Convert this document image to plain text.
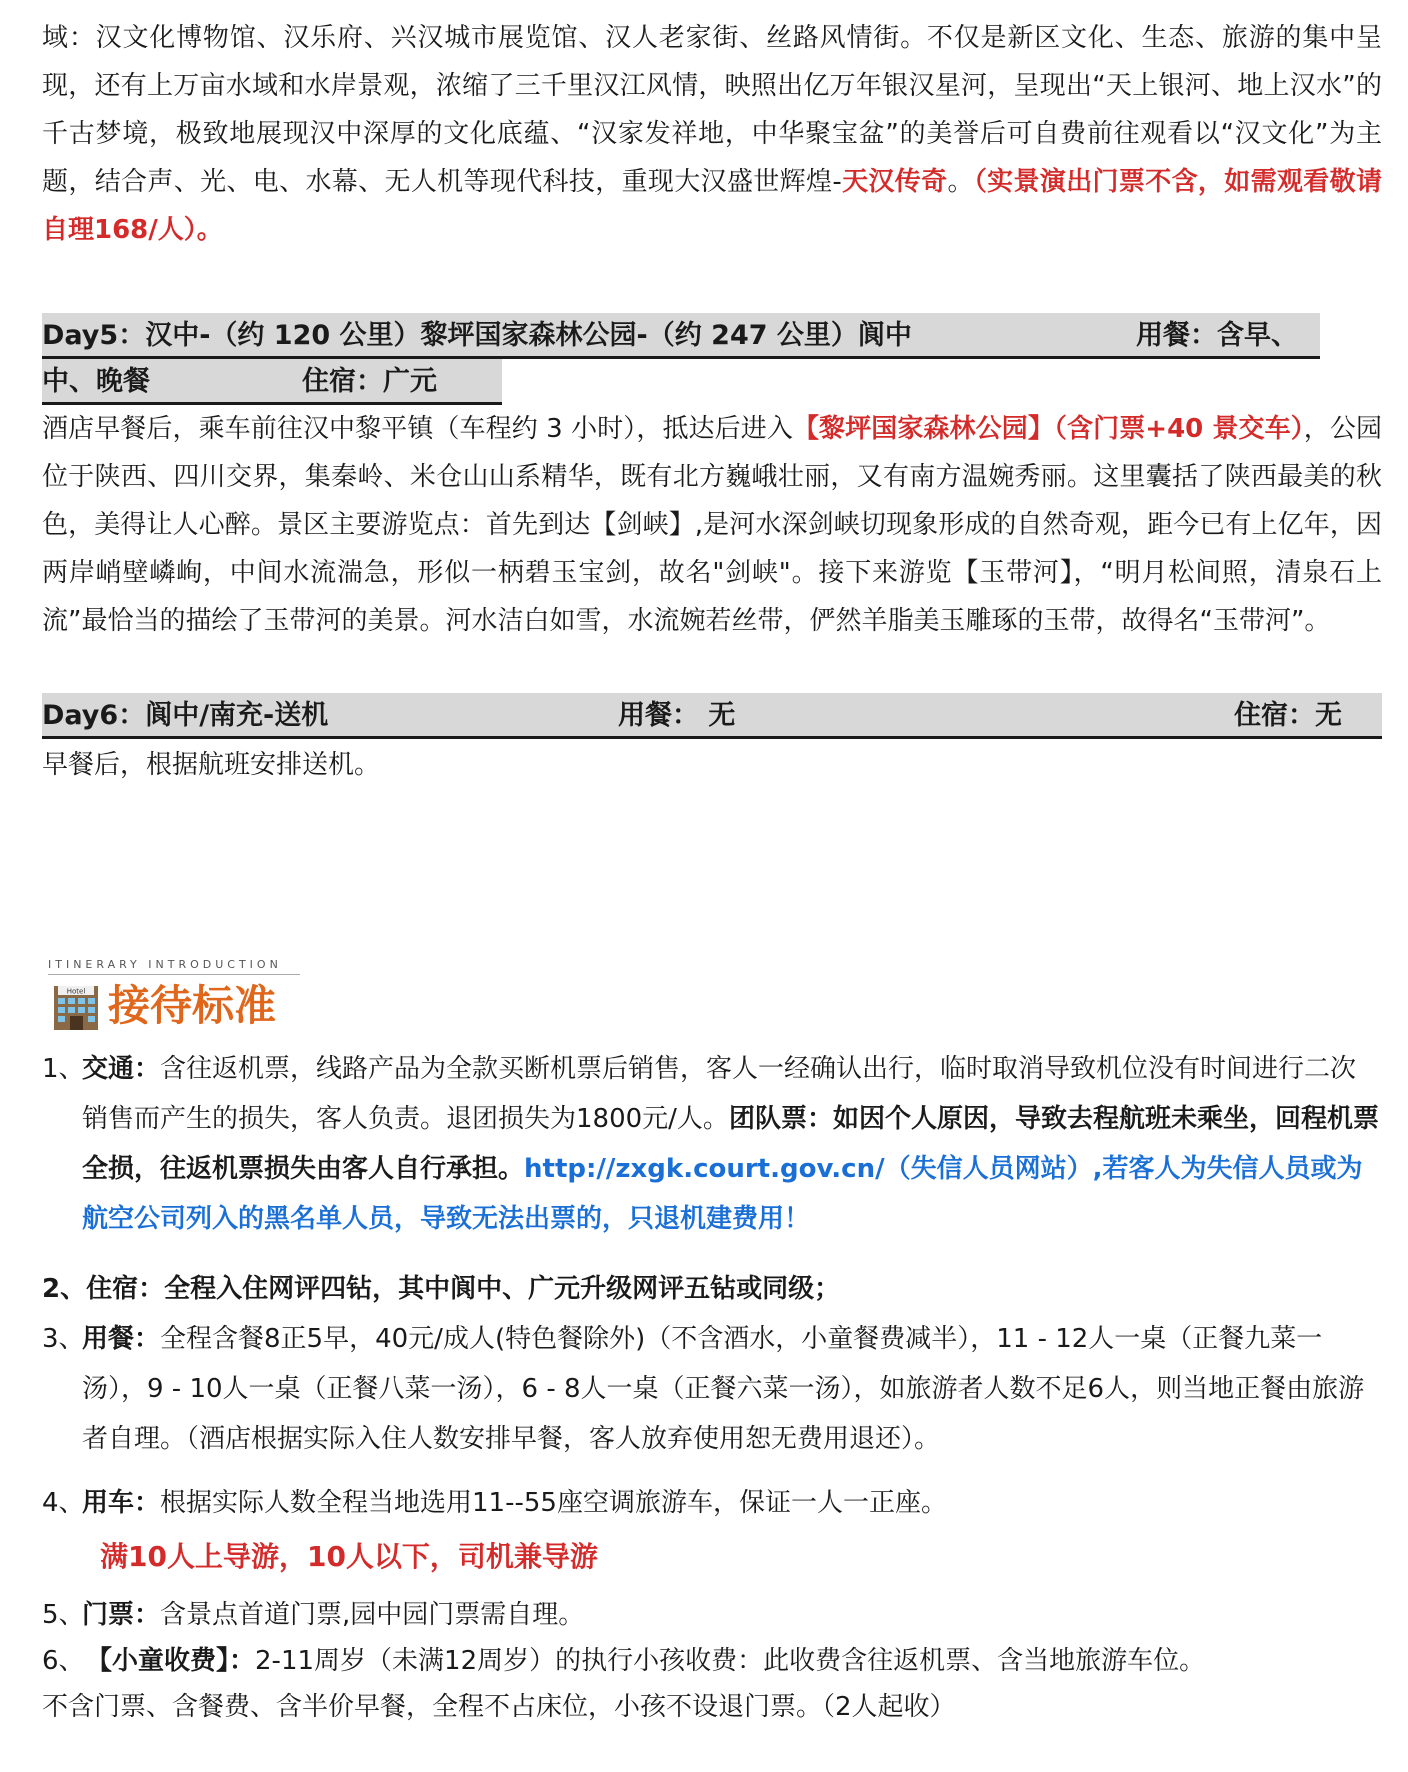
域：汉文化博物馆、汉乐府、兴汉城市展览馆、汉人老家街、丝路风情街。不仅是新区文化、生态、旅游的集中呈现，还有上万亩水域和水岸景观，浓缩了三千里汉江风情，映照出亿万年银汉星河，呈现出“天上银河、地上汉水”的千古梦境，极致地展现汉中深厚的文化底蕴、“汉家发祥地，中华聚宝盆”的美誉后可自费前往观看以“汉文化”为主题，结合声、光、电、水幕、无人机等现代科技，重现大汉盛世辉煌-天汉传奇。（实景演出门票不含，如需观看敬请自理168/人）。

Day5：汉中-（约 120 公里）黎坪国家森林公园-（约 247 公里）阆中	用餐：含早、
中、晚餐	住宿：广元

酒店早餐后，乘车前往汉中黎平镇（车程约 3 小时），抵达后进入【黎坪国家森林公园】（含门票+40 景交车），公园位于陕西、四川交界，集秦岭、米仓山山系精华，既有北方巍峨壮丽，又有南方温婉秀丽。这里囊括了陕西最美的秋色，美得让人心醉。景区主要游览点：首先到达【剑峡】,是河水深剑峡切现象形成的自然奇观，距今已有上亿年，因两岸峭壁嶙峋，中间水流湍急，形似一柄碧玉宝剑，故名"剑峡"。接下来游览【玉带河】，“明月松间照，清泉石上流”最恰当的描绘了玉带河的美景。河水洁白如雪，水流婉若丝带，俨然羊脂美玉雕琢的玉带，故得名“玉带河”。

Day6：阆中/南充-送机	用餐： 无	住宿：无

早餐后，根据航班安排送机。

ITINERARY INTRODUCTION
Hotel 接待标准
1、
交通：含往返机票，线路产品为全款买断机票后销售，客人一经确认出行，临时取消导致机位没有时间进行二次销售而产生的损失，客人负责。退团损失为1800元/人。团队票：如因个人原因，导致去程航班未乘坐，回程机票全损，往返机票损失由客人自行承担。http://zxgk.court.gov.cn/（失信人员网站）,若客人为失信人员或为航空公司列入的黑名单人员，导致无法出票的，只退机建费用！
2、住宿：全程入住网评四钻，其中阆中、广元升级网评五钻或同级；
3、
用餐：全程含餐8正5早，40元/成人(特色餐除外)（不含酒水，小童餐费减半），11 - 12人一桌（正餐九菜一汤），9 - 10人一桌（正餐八菜一汤），6 - 8人一桌（正餐六菜一汤），如旅游者人数不足6人，则当地正餐由旅游者自理。（酒店根据实际入住人数安排早餐，客人放弃使用恕无费用退还）。
4、
用车：根据实际人数全程当地选用11--55座空调旅游车，保证一人一正座。
满10人上导游，10人以下，司机兼导游
5、
门票：含景点首道门票,园中园门票需自理。
6、 【小童收费】：2-11周岁（未满12周岁）的执行小孩收费：此收费含往返机票、含当地旅游车位。
不含门票、含餐费、含半价早餐，全程不占床位，小孩不设退门票。（2人起收）
